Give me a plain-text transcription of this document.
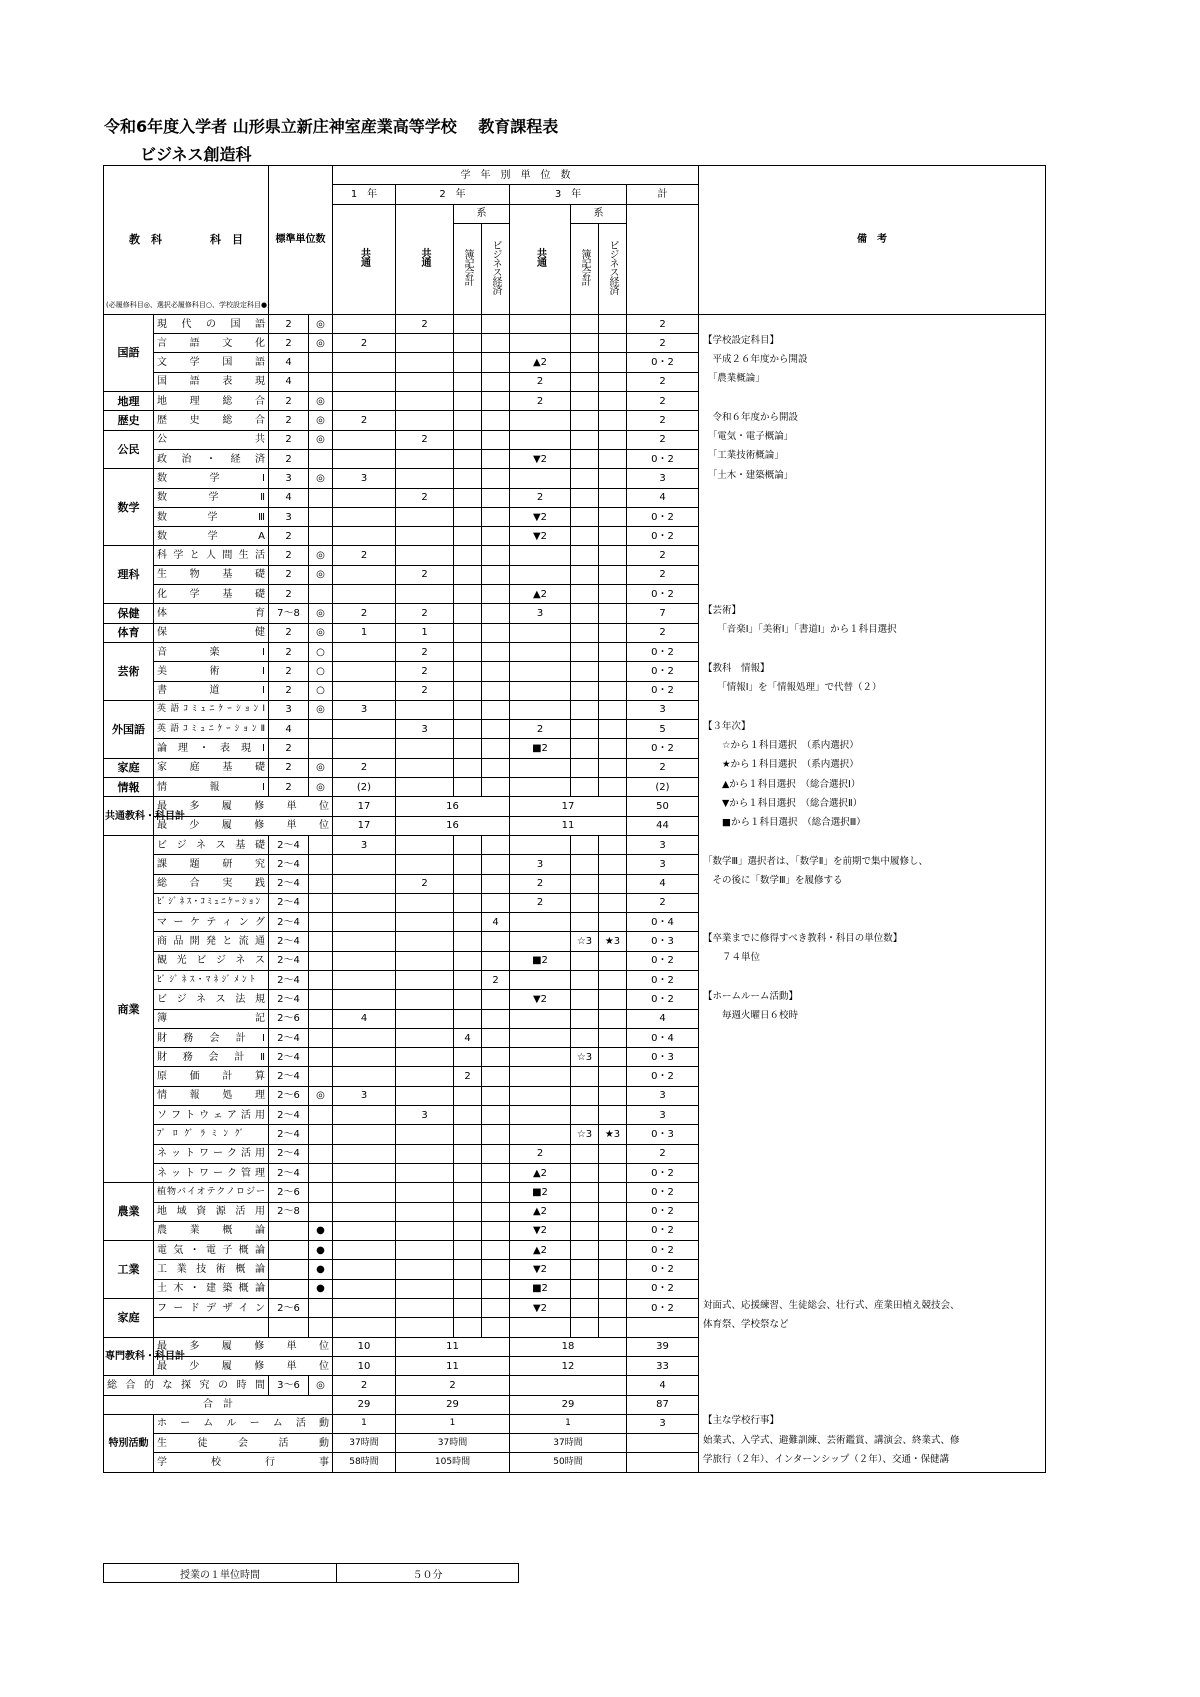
令和6年度入学者 山形県立新庄神室産業高等学校　 教育課程表
ビジネス創造科
教　科 科　目
(必履修科目◎、選択必履修科目○、学校設定科目●)		標準単位数		学　年　別　単　位　数								備　考
				1　年	2　年			3　年			計	
				共通	共通	系		共通	系			
						簿記会計	ビジネス経済		簿記会計	ビジネス経済		
国語	現代の国語	2	◎		2						2	
	言語文化	2	◎	2							2	【学校設定科目】
	文学国語	4						▲2			0・2	　平成２６年度から開設
	国語表現	4						2			2	　「農業概論」
地理	地理総合	2	◎					2			2	
歴史	歴史総合	2	◎	2							2	　令和６年度から開設
公民	公共	2	◎		2						2	　「電気・電子概論」
	政治・経済	2						▼2			0・2	　「工業技術概論」
数学	数学Ⅰ	3	◎	3							3	　「土木・建築概論」
	数学Ⅱ	4			2			2			4	
	数学Ⅲ	3						▼2			0・2	
	数学A	2						▼2			0・2	
理科	科学と人間生活	2	◎	2							2	
	生物基礎	2	◎		2						2	
	化学基礎	2						▲2			0・2	
保健	体育	7～8	◎	2	2			3			7	【芸術】
体育	保健	2	◎	1	1						2	　　「音楽Ⅰ」「美術Ⅰ」「書道Ⅰ」から１科目選択
芸術	音楽Ⅰ	2	○		2						0・2	
	美術Ⅰ	2	○		2						0・2	【教科　情報】
	書道Ⅰ	2	○		2						0・2	　　「情報Ⅰ」を「情報処理」で代替（２）
外国語	英語ｺﾐｭﾆｹｰｼｮﾝⅠ	3	◎	3							3	
	英語ｺﾐｭﾆｹｰｼｮﾝⅡ	4			3			2			5	【３年次】
	論理・表現Ⅰ	2						■2			0・2	　　☆から１科目選択　（系内選択）
家庭	家庭基礎	2	◎	2							2	　　★から１科目選択　（系内選択）
情報	情報Ⅰ	2	◎	(2)							(2)	　　▲から１科目選択　（総合選択Ⅰ）
共通教科・科目計	最多履修単位			17	16			17			50	　　▼から１科目選択　（総合選択Ⅱ）
	最少履修単位			17	16			11			44	　　■から１科目選択　（総合選択Ⅲ）
商業	ビジネス基礎	2～4		3							3	
	課題研究	2～4						3			3	「数学Ⅲ」選択者は、「数学Ⅱ」を前期で集中履修し、
	総合実践	2～4			2			2			4	　その後に「数学Ⅲ」を履修する
	ﾋﾞｼﾞﾈｽ･ｺﾐｭﾆｹｰｼｮﾝ	2～4						2			2	
	マーケティング	2～4					4				0・4	
	商品開発と流通	2～4							☆3	★3	0・3	【卒業までに修得すべき教科・科目の単位数】
	観光ビジネス	2～4						■2			0・2	　　７４単位
	ﾋﾞｼﾞﾈｽ･ﾏﾈｼﾞﾒﾝﾄ	2～4					2				0・2	
	ビジネス法規	2～4						▼2			0・2	【ホームルーム活動】
	簿記	2～6		4							4	　　毎週火曜日６校時
	財務会計Ⅰ	2～4				4					0・4	
	財務会計Ⅱ	2～4							☆3		0・3	
	原価計算	2～4				2					0・2	
	情報処理	2～6	◎	3							3	
	ソフトウェア活用	2～4			3						3	
	ﾌﾟﾛｸﾞﾗﾐﾝｸﾞ	2～4							☆3	★3	0・3	
	ネットワーク活用	2～4						2			2	
	ネットワーク管理	2～4						▲2			0・2	
農業	植物バイオテクノロジー	2～6						■2			0・2	
	地域資源活用	2～8						▲2			0・2	
	農業概論		●					▼2			0・2	
工業	電気・電子概論		●					▲2			0・2	
	工業技術概論		●					▼2			0・2	
	土木・建築概論		●					■2			0・2	
家庭	フードデザイン	2～6						▼2			0・2	対面式、応援練習、生徒総会、壮行式、産業田植え競技会、
												体育祭、学校祭など
専門教科・科目計	最多履修単位			10	11			18			39	
	最少履修単位			10	11			12			33	
総合的な探究の時間		3～6	◎	2	2						4	
合　計				29	29			29			87	
特別活動	ホームルーム活動			1	1			1			3	【主な学校行事】
	生徒会活動			37時間	37時間			37時間				始業式、入学式、避難訓練、芸術鑑賞、講演会、終業式、修
	学校行事			58時間	105時間			50時間				学旅行（２年）、インターンシップ（２年）、交通・保健講
授業の１単位時間	５０分
